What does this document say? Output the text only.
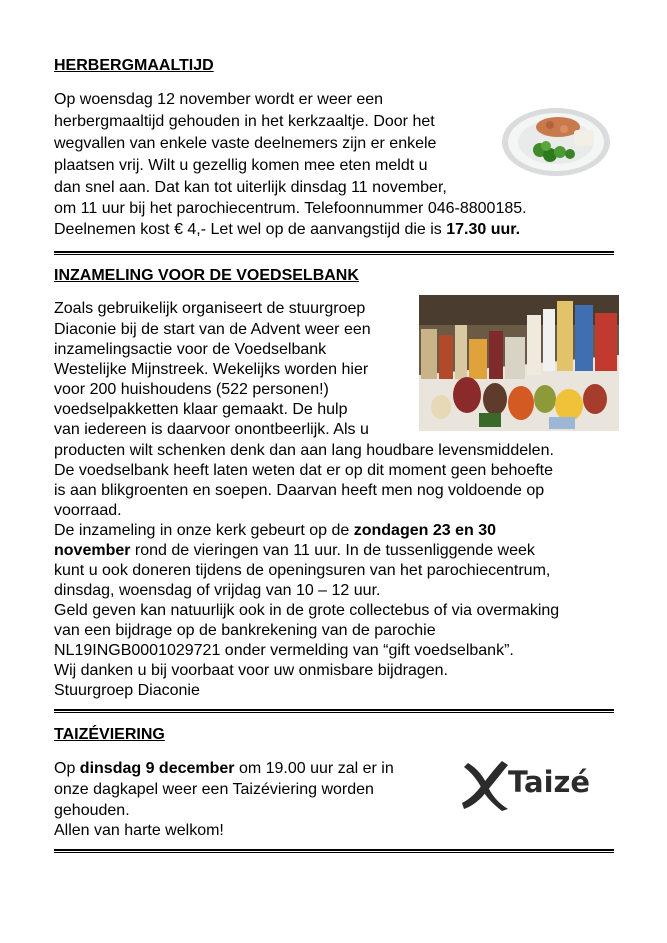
HERBERGMAALTIJD
Op woensdag 12 november wordt er weer een
herbergmaaltijd gehouden in het kerkzaaltje. Door het
wegvallen van enkele vaste deelnemers zijn er enkele
plaatsen vrij. Wilt u gezellig komen mee eten meldt u
dan snel aan. Dat kan tot uiterlijk dinsdag 11 november,
om 11 uur bij het parochiecentrum. Telefoonnummer 046-8800185.
Deelnemen kost € 4,- Let wel op de aanvangstijd die is 17.30 uur.
INZAMELING VOOR DE VOEDSELBANK
Zoals gebruikelijk organiseert de stuurgroep
Diaconie bij de start van de Advent weer een
inzamelingsactie voor de Voedselbank
Westelijke Mijnstreek. Wekelijks worden hier
voor 200 huishoudens (522 personen!)
voedselpakketten klaar gemaakt. De hulp
van iedereen is daarvoor onontbeerlijk. Als u
producten wilt schenken denk dan aan lang houdbare levensmiddelen.
De voedselbank heeft laten weten dat er op dit moment geen behoefte
is aan blikgroenten en soepen. Daarvan heeft men nog voldoende op
voorraad.
De inzameling in onze kerk gebeurt op de zondagen 23 en 30
november rond de vieringen van 11 uur. In de tussenliggende week
kunt u ook doneren tijdens de openingsuren van het parochiecentrum,
dinsdag, woensdag of vrijdag van 10 – 12 uur.
Geld geven kan natuurlijk ook in de grote collectebus of via overmaking
van een bijdrage op de bankrekening van de parochie
NL19INGB0001029721 onder vermelding van “gift voedselbank”.
Wij danken u bij voorbaat voor uw onmisbare bijdragen.
Stuurgroep Diaconie
TAIZÉVIERING
Op dinsdag 9 december om 19.00 uur zal er in
onze dagkapel weer een Taizéviering worden
gehouden.
Allen van harte welkom!
Taizé
